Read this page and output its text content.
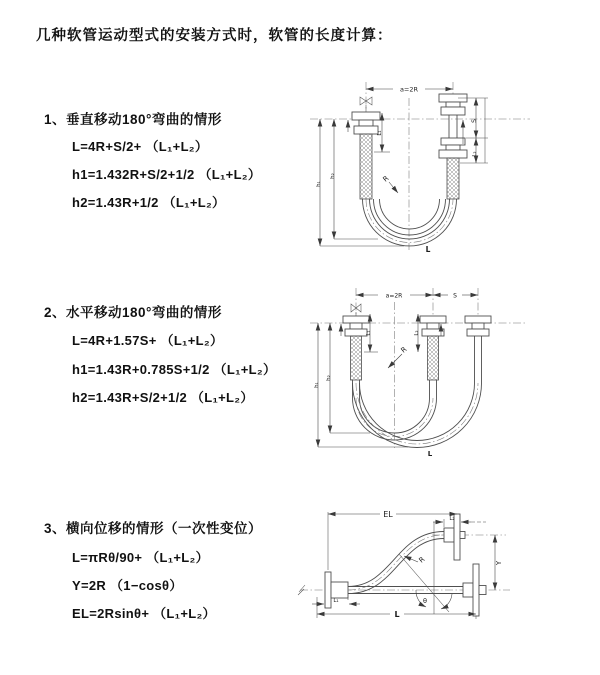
几种软管运动型式的安装方式时，软管的长度计算：
1、垂直移动180°弯曲的情形
L=4R+S/2+ （L₁+L₂）
h1=1.432R+S/2+1/2 （L₁+L₂）
h2=1.43R+1/2 （L₁+L₂）
a=2R
h₁
h₂
L₁
S
L₂
R
L
2、水平移动180°弯曲的情形
L=4R+1.57S+ （L₁+L₂）
h1=1.43R+0.785S+1/2 （L₁+L₂）
h2=1.43R+S/2+1/2 （L₁+L₂）
a=2R	S
h₁
h₂
L₁	L₂
R
L
3、横向位移的情形（一次性变位）
L=πRθ/90+ （L₁+L₂）
Y=2R （1−cosθ）
EL=2Rsinθ+ （L₁+L₂）
θ
EL	L₂
Y
L₁
L
R
